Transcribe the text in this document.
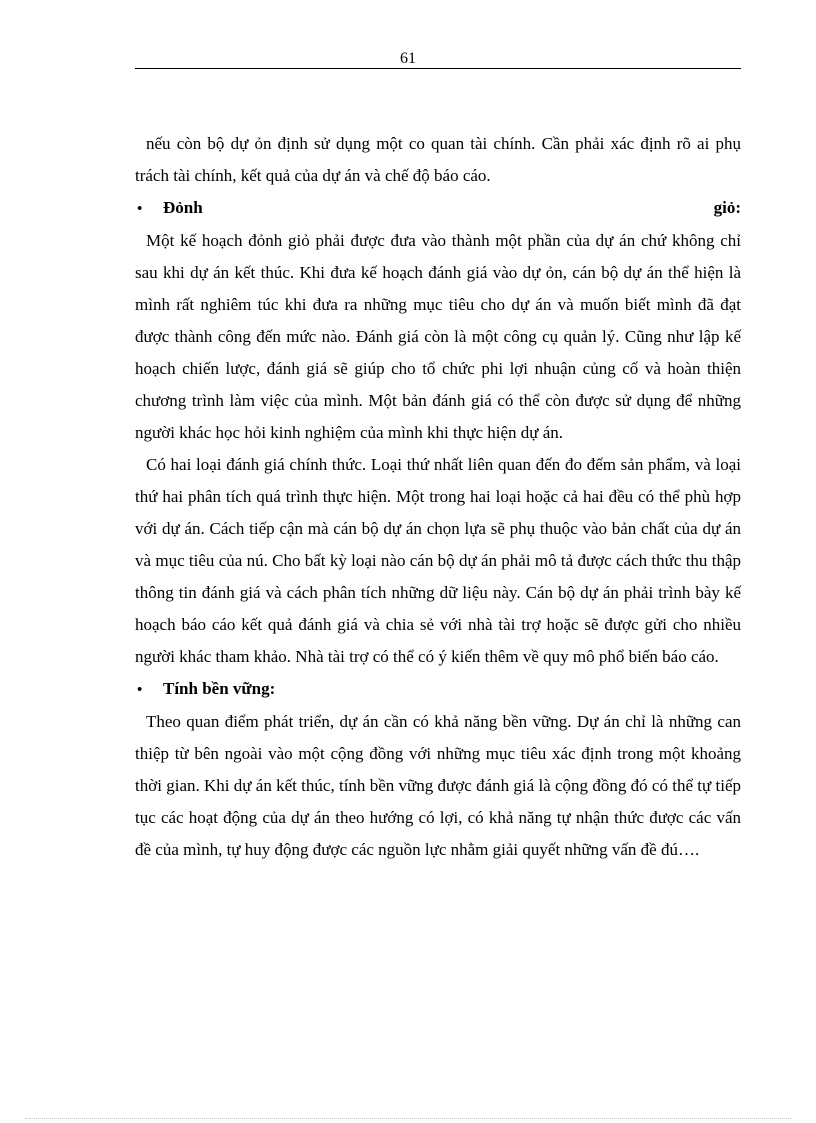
61

nếu còn bộ dự ỏn định sử dụng một co quan tài chính. Cần phải xác định rõ ai phụ trách tài chính, kết quả của dự án và chế độ báo cáo.

•	Đỏnh	giỏ:

Một kế hoạch đỏnh giỏ phải được đưa vào thành một phần của dự án chứ không chỉ sau khi dự án kết thúc. Khi đưa kế hoạch đánh giá vào dự ỏn, cán bộ dự án thể hiện là mình rất nghiêm túc khi đưa ra những mục tiêu cho dự án và muốn biết mình đã đạt được thành công đến mức nào. Đánh giá còn là một công cụ quản lý. Cũng như lập kế hoạch chiến lược, đánh giá sẽ giúp cho tổ chức phi lợi nhuận củng cố và hoàn thiện chương trình làm việc của mình. Một bản đánh giá có thể còn được sử dụng để những người khác học hỏi kinh nghiệm của mình khi thực hiện dự án.

Có hai loại đánh giá chính thức. Loại thứ nhất liên quan đến đo đếm sản phẩm, và loại thứ hai phân tích quá trình thực hiện. Một trong hai loại hoặc cả hai đều có thể phù hợp với dự án. Cách tiếp cận mà cán bộ dự án chọn lựa sẽ phụ thuộc vào bản chất của dự án và mục tiêu của nú. Cho bất kỳ loại nào cán bộ dự án phải mô tả được cách thức thu thập thông tin đánh giá và cách phân tích những dữ liệu này. Cán bộ dự án phải trình bày kế hoạch báo cáo kết quả đánh giá và chia sẻ với nhà tài trợ hoặc sẽ được gửi cho nhiều người khác tham khảo. Nhà tài trợ có thể có ý kiến thêm về quy mô phổ biến báo cáo.

•	Tính bền vững:

Theo quan điểm phát triển, dự án cần có khả năng bền vững. Dự án chỉ là những can thiệp từ bên ngoài vào một cộng đồng với những mục tiêu xác định trong một khoảng thời gian. Khi dự án kết thúc, tính bền vững được đánh giá là cộng đồng đó có thể tự tiếp tục các hoạt động của dự án theo hướng có lợi, có khả năng tự nhận thức được các vấn đề của mình, tự huy động được các nguồn lực nhằm giải quyết những vấn đề đú….
